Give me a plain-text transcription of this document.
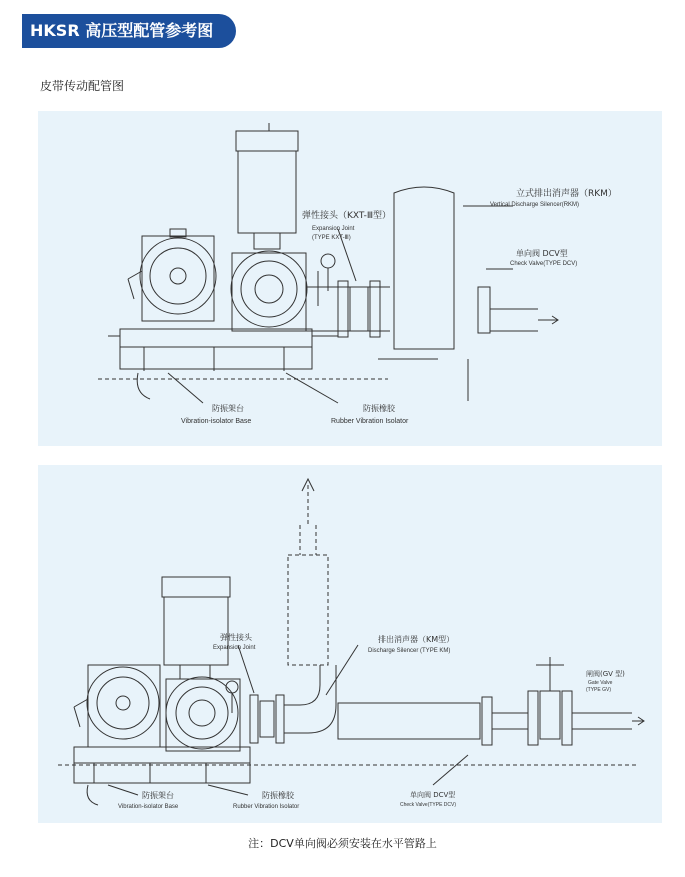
HKSR 高压型配管参考图
皮带传动配管图
弹性接头（KXT-Ⅲ型）
Expansion Joint
(TYPE KXT-Ⅲ)
立式排出消声器（RKM）
Vertical Discharge Silencer(RKM)
单向阀 DCV型
Check Valve(TYPE DCV)
防振架台
Vibration-isolator Base
防振橡胶
Rubber Vibration Isolator
弹性接头
Expansion Joint
排出消声器（KM型）
Discharge Silencer (TYPE KM)
闸阀(GV 型)
Gate Valve
(TYPE GV)
防振架台
Vibration-isolator Base
防振橡胶
Rubber Vibration Isolator
单向阀 DCV型
Check Valve(TYPE DCV)
注：DCV单向阀必须安装在水平管路上
